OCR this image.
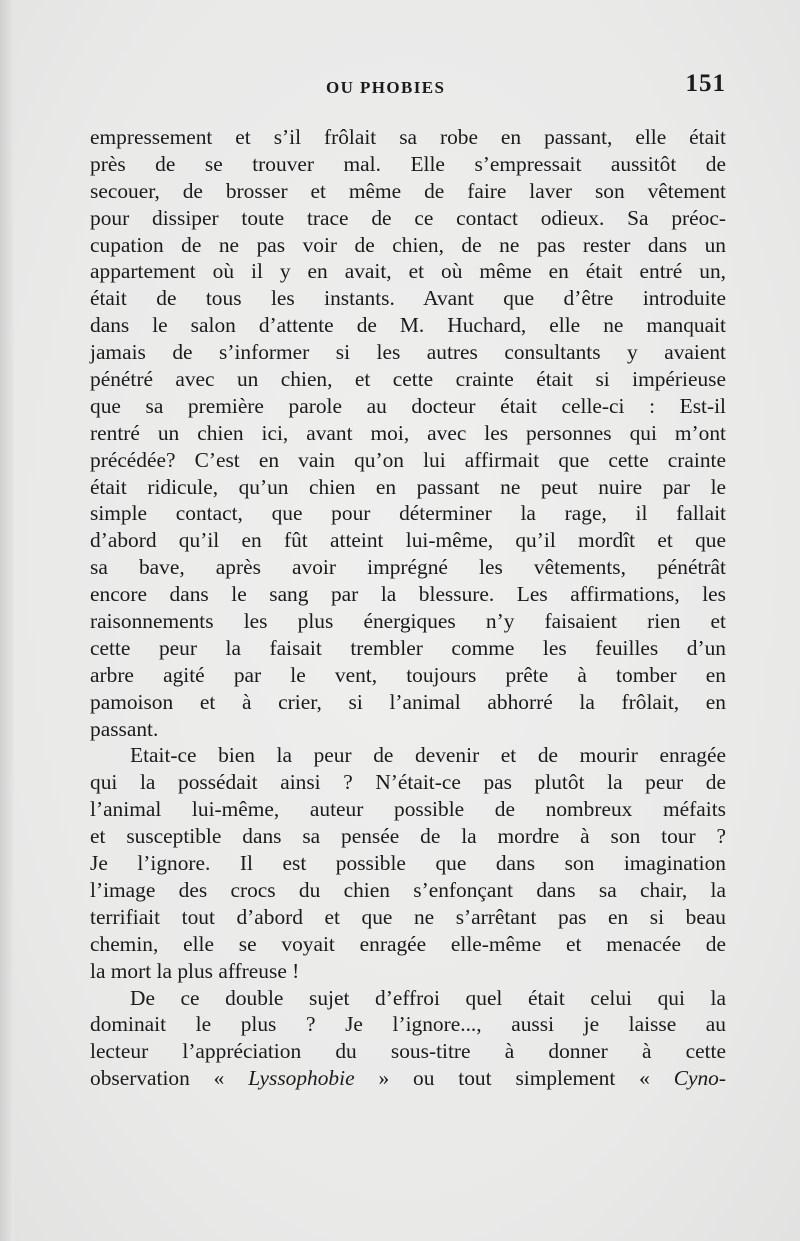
OU PHOBIES	151
empressement et s’il frôlait sa robe en passant, elle était
près de se trouver mal. Elle s’empressait aussitôt de
secouer, de brosser et même de faire laver son vêtement
pour dissiper toute trace de ce contact odieux. Sa préoc-
cupation de ne pas voir de chien, de ne pas rester dans un
appartement où il y en avait, et où même en était entré un,
était de tous les instants. Avant que d’être introduite
dans le salon d’attente de M. Huchard, elle ne manquait
jamais de s’informer si les autres consultants y avaient
pénétré avec un chien, et cette crainte était si impérieuse
que sa première parole au docteur était celle-ci : Est-il
rentré un chien ici, avant moi, avec les personnes qui m’ont
précédée? C’est en vain qu’on lui affirmait que cette crainte
était ridicule, qu’un chien en passant ne peut nuire par le
simple contact, que pour déterminer la rage, il fallait
d’abord qu’il en fût atteint lui-même, qu’il mordît et que
sa bave, après avoir imprégné les vêtements, pénétrât
encore dans le sang par la blessure. Les affirmations, les
raisonnements les plus énergiques n’y faisaient rien et
cette peur la faisait trembler comme les feuilles d’un
arbre agité par le vent, toujours prête à tomber en
pamoison et à crier, si l’animal abhorré la frôlait, en
passant.
Etait-ce bien la peur de devenir et de mourir enragée
qui la possédait ainsi ? N’était-ce pas plutôt la peur de
l’animal lui-même, auteur possible de nombreux méfaits
et susceptible dans sa pensée de la mordre à son tour ?
Je l’ignore. Il est possible que dans son imagination
l’image des crocs du chien s’enfonçant dans sa chair, la
terrifiait tout d’abord et que ne s’arrêtant pas en si beau
chemin, elle se voyait enragée elle-même et menacée de
la mort la plus affreuse !
De ce double sujet d’effroi quel était celui qui la
dominait le plus ? Je l’ignore..., aussi je laisse au
lecteur l’appréciation du sous-titre à donner à cette
observation « Lyssophobie » ou tout simplement « Cyno-
